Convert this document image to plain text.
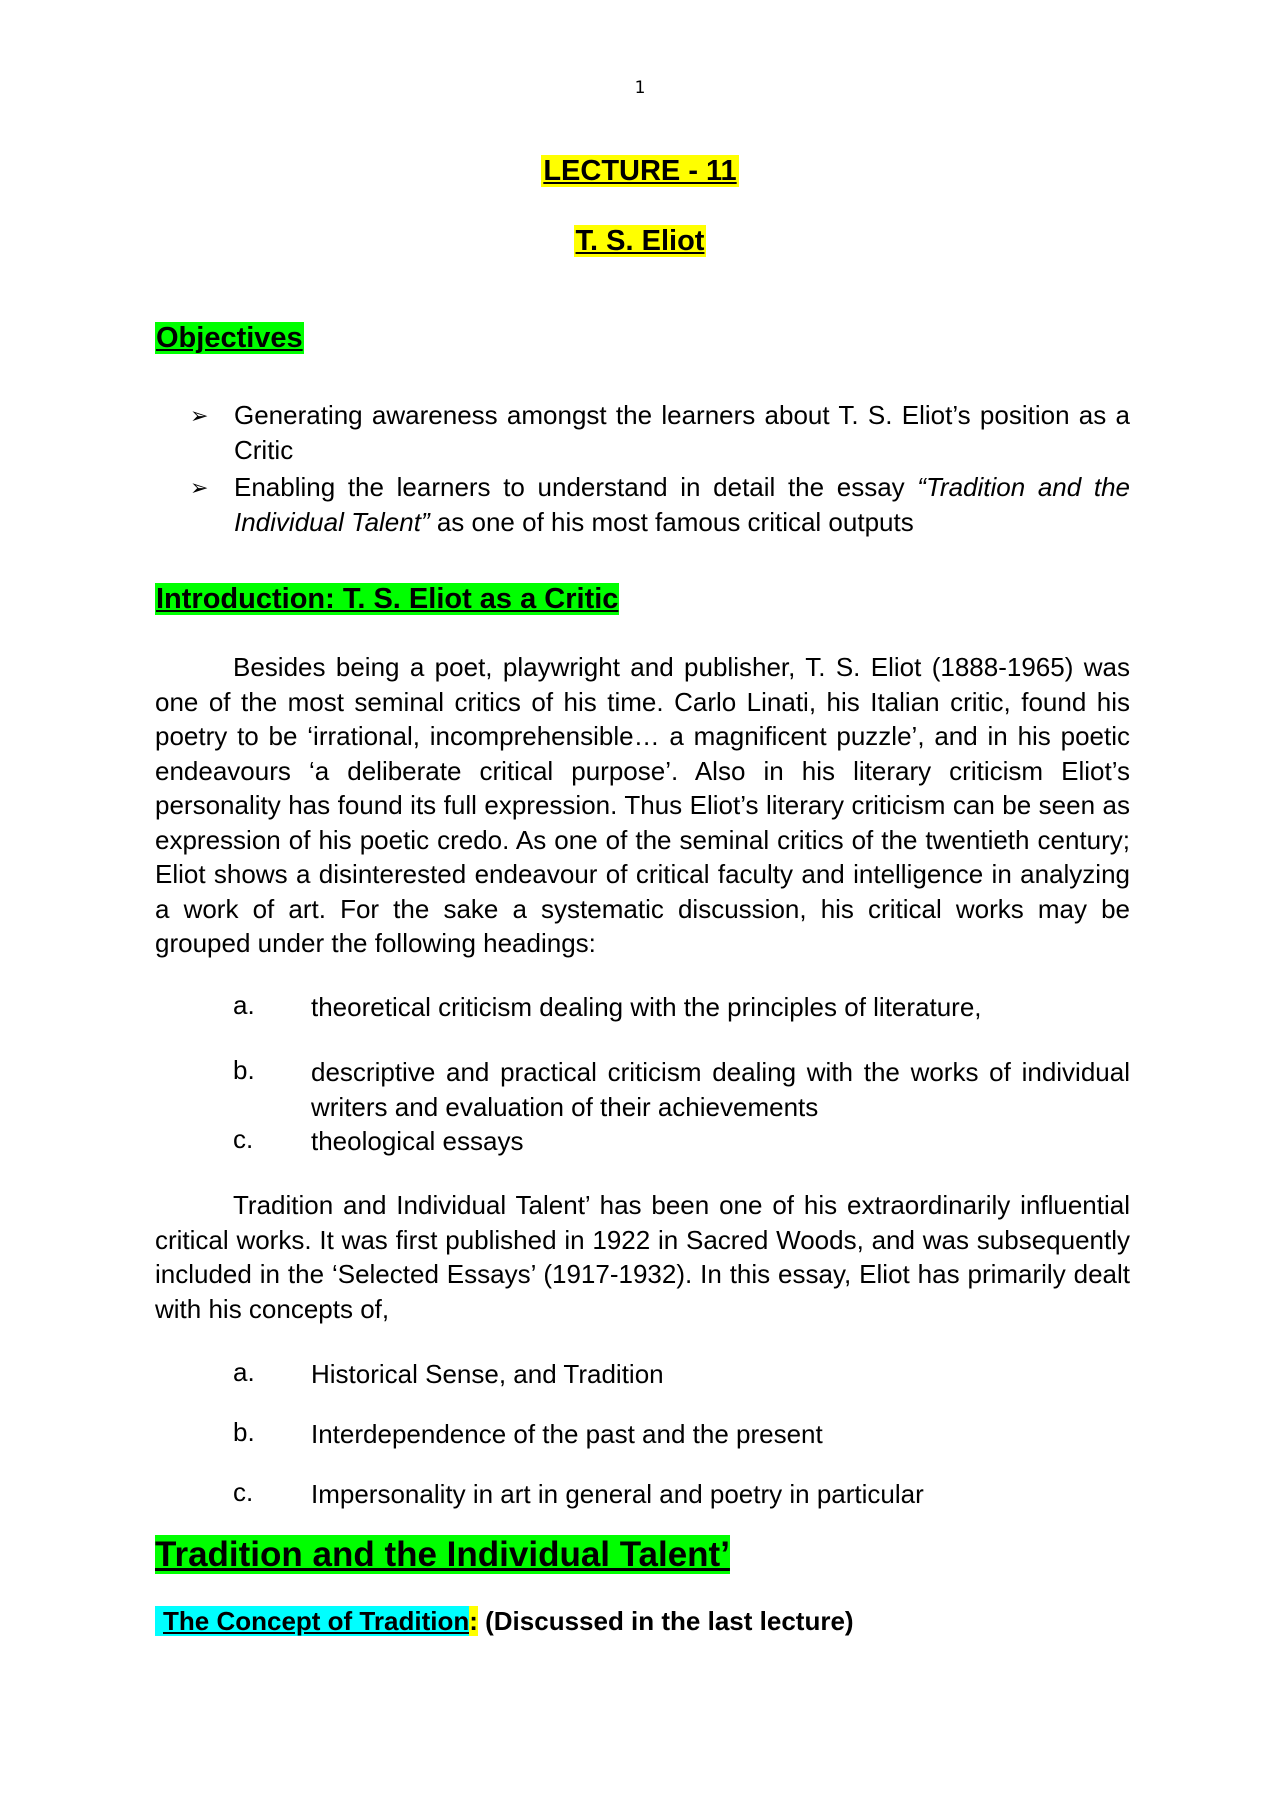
1
LECTURE - 11
T. S. Eliot
Objectives
➢ Generating awareness amongst the learners about T. S. Eliot’s position as a Critic
➢ Enabling the learners to understand in detail the essay “Tradition and the Individual Talent” as one of his most famous critical outputs
Introduction: T. S. Eliot as a Critic

Besides being a poet, playwright and publisher, T. S. Eliot (1888-1965) was one of the most seminal critics of his time. Carlo Linati, his Italian critic, found his poetry to be ‘irrational, incomprehensible… a magnificent puzzle’, and in his poetic endeavours ‘a deliberate critical purpose’. Also in his literary criticism Eliot’s personality has found its full expression. Thus Eliot’s literary criticism can be seen as expression of his poetic credo. As one of the seminal critics of the twentieth century; Eliot shows a disinterested endeavour of critical faculty and intelligence in analyzing a work of art. For the sake a systematic discussion, his critical works may be grouped under the following headings:

a. theoretical criticism dealing with the principles of literature,
b. descriptive and practical criticism dealing with the works of individual writers and evaluation of their achievements
c. theological essays

Tradition and Individual Talent’ has been one of his extraordinarily influential critical works. It was first published in 1922 in Sacred Woods, and was subsequently included in the ‘Selected Essays’ (1917-1932). In this essay, Eliot has primarily dealt with his concepts of,

a. Historical Sense, and Tradition
b. Interdependence of the past and the present
c. Impersonality in art in general and poetry in particular
Tradition and the Individual Talent’
The Concept of Tradition: (Discussed in the last lecture)
